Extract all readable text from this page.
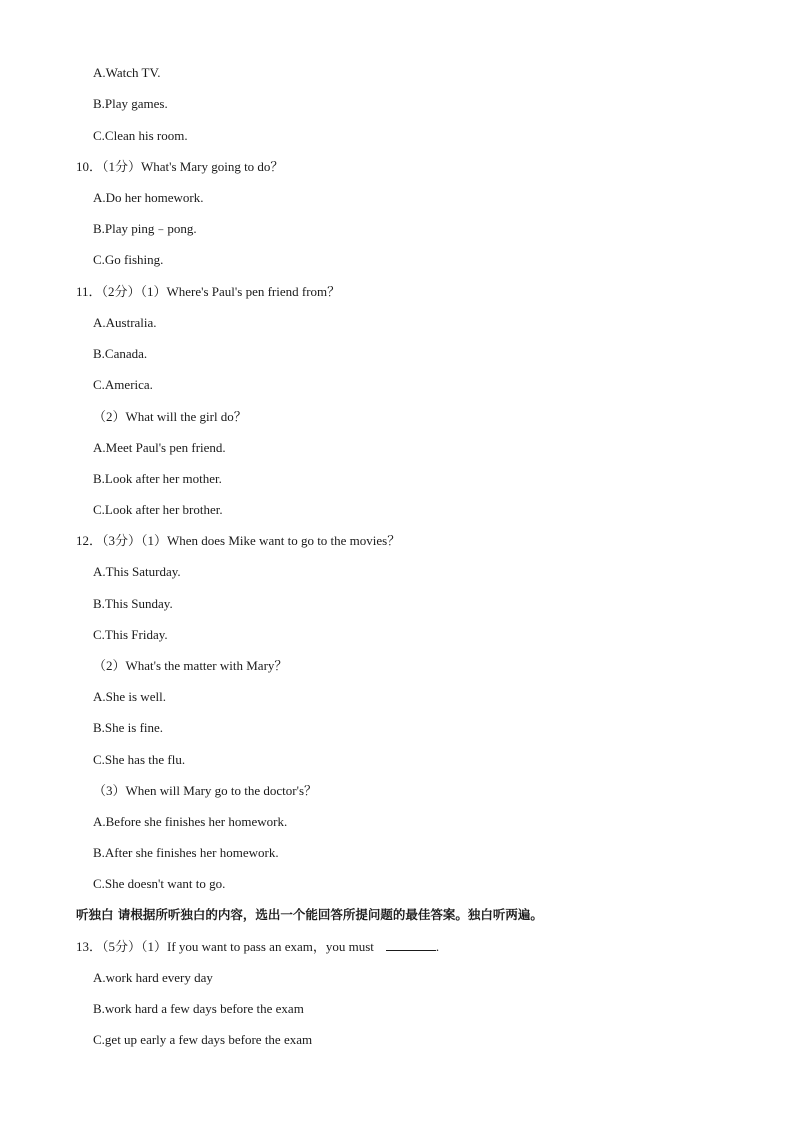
A.Watch TV.
B.Play games.
C.Clean his room.
10．（1分）What's Mary going to do？
A.Do her homework.
B.Play ping﹣pong.
C.Go fishing.
11．（2分）（1）Where's Paul's pen friend from？
A.Australia.
B.Canada.
C.America.
（2）What will the girl do？
A.Meet Paul's pen friend.
B.Look after her mother.
C.Look after her brother.
12．（3分）（1）When does Mike want to go to the movies？
A.This Saturday.
B.This Sunday.
C.This Friday.
（2）What's the matter with Mary？
A.She is well.
B.She is fine.
C.She has the flu.
（3）When will Mary go to the doctor's？
A.Before she finishes her homework.
B.After she finishes her homework.
C.She doesn't want to go.
听独白 请根据所听独白的内容，选出一个能回答所提问题的最佳答案。独白听两遍。
13．（5分）（1）If you want to pass an exam，you must	.
A.work hard every day
B.work hard a few days before the exam
C.get up early a few days before the exam
